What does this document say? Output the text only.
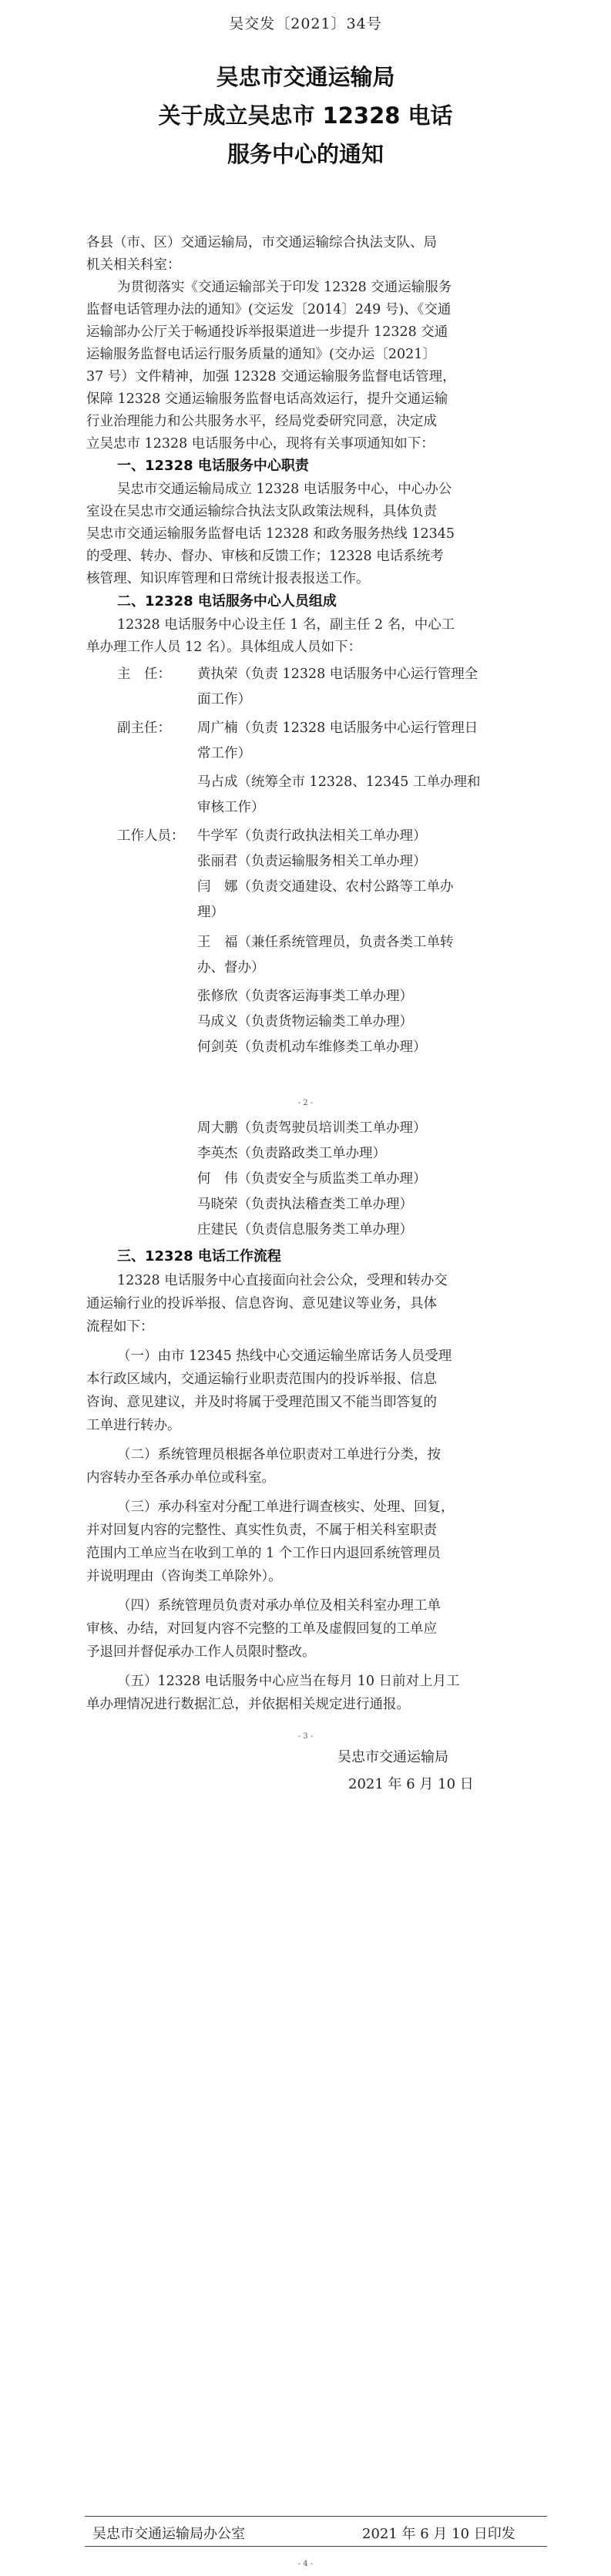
吴交发〔2021〕34号
吴忠市交通运输局
关于成立吴忠市 12328 电话
服务中心的通知
各县（市、区）交通运输局，市交通运输综合执法支队、局
机关相关科室：
为贯彻落实《交通运输部关于印发 12328 交通运输服务
监督电话管理办法的通知》(交运发〔2014〕249 号)、《交通
运输部办公厅关于畅通投诉举报渠道进一步提升 12328 交通
运输服务监督电话运行服务质量的通知》(交办运〔2021〕
37 号）文件精神，加强 12328 交通运输服务监督电话管理，
保障 12328 交通运输服务监督电话高效运行，提升交通运输
行业治理能力和公共服务水平，经局党委研究同意，决定成
立吴忠市 12328 电话服务中心，现将有关事项通知如下：
一、12328 电话服务中心职责
吴忠市交通运输局成立 12328 电话服务中心，中心办公
室设在吴忠市交通运输综合执法支队政策法规科，具体负责
吴忠市交通运输服务监督电话 12328 和政务服务热线 12345
的受理、转办、督办、审核和反馈工作；12328 电话系统考
核管理、知识库管理和日常统计报表报送工作。
二、12328 电话服务中心人员组成
12328 电话服务中心设主任 1 名，副主任 2 名，中心工
单办理工作人员 12 名）。具体组成人员如下：
主　任： 黄执荣（负责 12328 电话服务中心运行管理全
面工作）
副主任： 周广楠（负责 12328 电话服务中心运行管理日
常工作）
马占成（统筹全市 12328、12345 工单办理和
审核工作）
工作人员： 牛学军（负责行政执法相关工单办理）
张丽君（负责运输服务相关工单办理）
闫　娜（负责交通建设、农村公路等工单办
理）
王　福（兼任系统管理员，负责各类工单转
办、督办）
张修欣（负责客运海事类工单办理）
马成义（负责货物运输类工单办理）
何剑英（负责机动车维修类工单办理）
- 2 -
周大鹏（负责驾驶员培训类工单办理）
李英杰（负责路政类工单办理）
何　伟（负责安全与质监类工单办理）
马晓荣（负责执法稽查类工单办理）
庄建民（负责信息服务类工单办理）
三、12328 电话工作流程
12328 电话服务中心直接面向社会公众，受理和转办交
通运输行业的投诉举报、信息咨询、意见建议等业务，具体
流程如下：
（一）由市 12345 热线中心交通运输坐席话务人员受理
本行政区域内，交通运输行业职责范围内的投诉举报、信息
咨询、意见建议，并及时将属于受理范围又不能当即答复的
工单进行转办。
（二）系统管理员根据各单位职责对工单进行分类，按
内容转办至各承办单位或科室。
（三）承办科室对分配工单进行调查核实、处理、回复，
并对回复内容的完整性、真实性负责，不属于相关科室职责
范围内工单应当在收到工单的 1 个工作日内退回系统管理员
并说明理由（咨询类工单除外）。
（四）系统管理员负责对承办单位及相关科室办理工单
审核、办结，对回复内容不完整的工单及虚假回复的工单应
予退回并督促承办工作人员限时整改。
（五）12328 电话服务中心应当在每月 10 日前对上月工
单办理情况进行数据汇总，并依据相关规定进行通报。
- 3 -
吴忠市交通运输局
2021 年 6 月 10 日
吴忠市交通运输局办公室	2021 年 6 月 10 日印发
- 4 -
